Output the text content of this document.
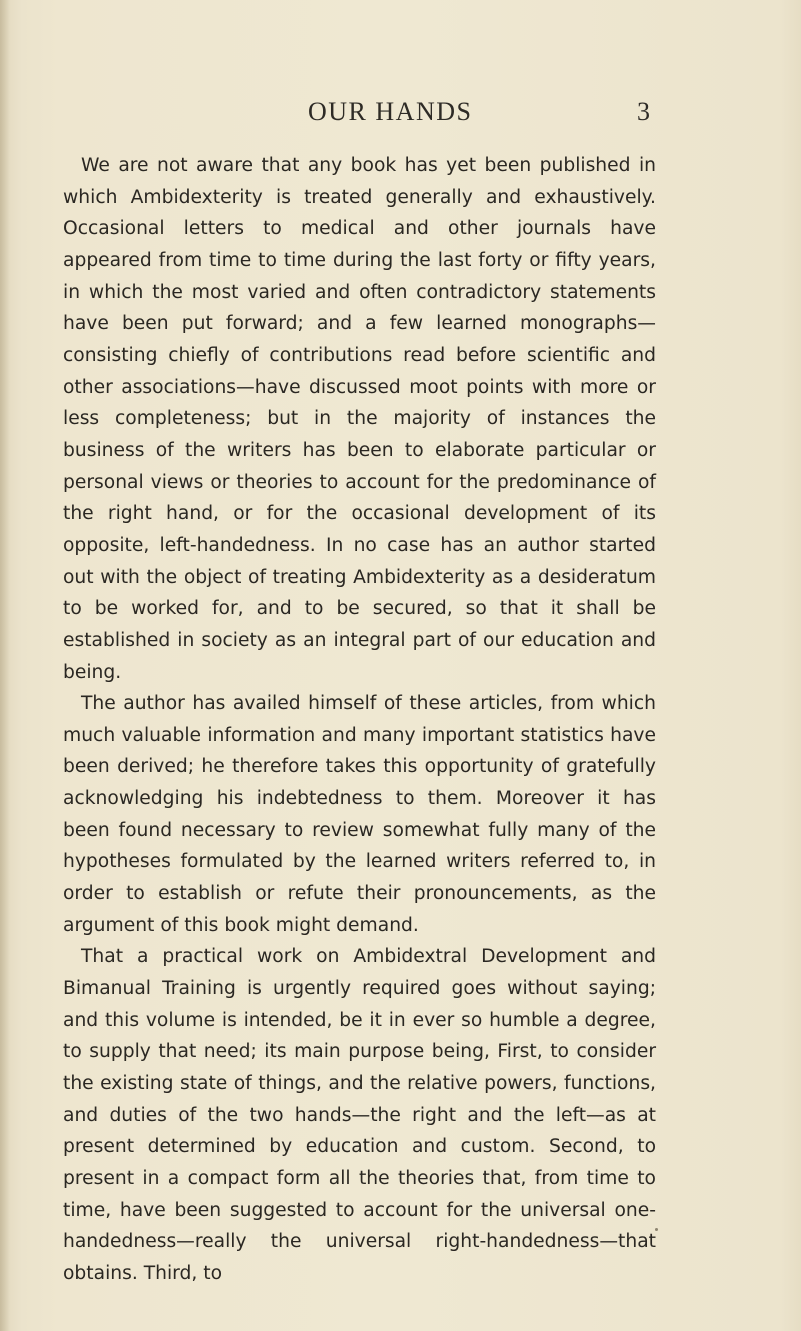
OUR HANDS	3

We are not aware that any book has yet been published in which Ambidexterity is treated generally and exhaustively. Occasional letters to medical and other journals have appeared from time to time during the last forty or fifty years, in which the most varied and often contradictory statements have been put forward; and a few learned monographs—consisting chiefly of contributions read before scientific and other associations—have discussed moot points with more or less completeness; but in the majority of instances the business of the writers has been to elaborate particular or personal views or theories to account for the predominance of the right hand, or for the occasional development of its opposite, left-handedness. In no case has an author started out with the object of treating Ambidexterity as a desideratum to be worked for, and to be secured, so that it shall be established in society as an integral part of our education and being.

The author has availed himself of these articles, from which much valuable information and many important statistics have been derived; he therefore takes this opportunity of gratefully acknowledging his indebtedness to them. Moreover it has been found necessary to review somewhat fully many of the hypotheses formulated by the learned writers referred to, in order to establish or refute their pronouncements, as the argument of this book might demand.

That a practical work on Ambidextral Development and Bimanual Training is urgently required goes without saying; and this volume is intended, be it in ever so humble a degree, to supply that need; its main purpose being, First, to consider the existing state of things, and the relative powers, functions, and duties of the two hands—the right and the left—as at present determined by education and custom. Second, to present in a compact form all the theories that, from time to time, have been suggested to account for the universal one-handedness—really the universal right-handedness—that obtains. Third, to
